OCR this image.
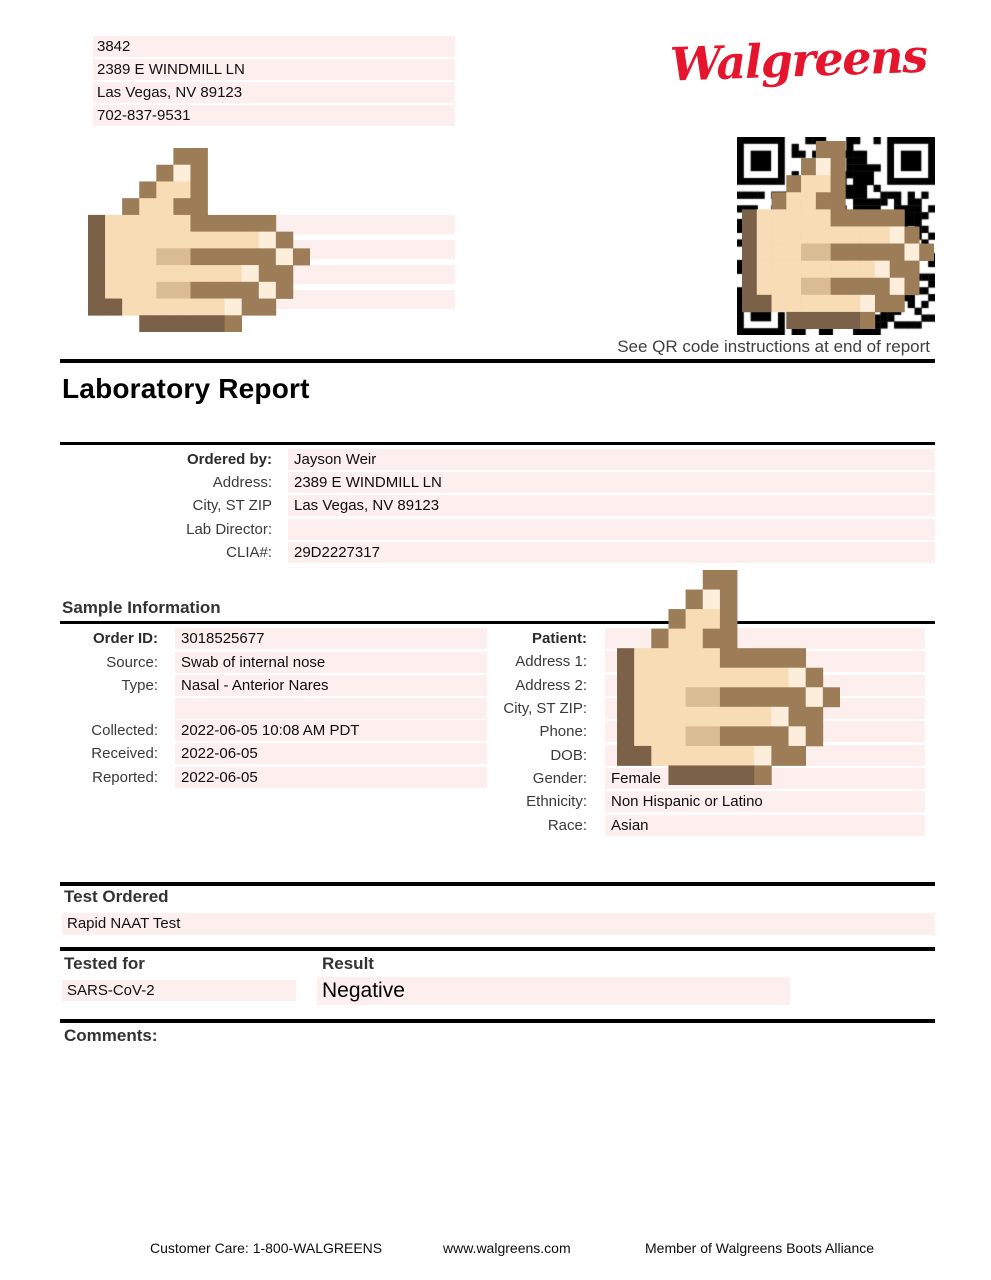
3842
2389 E WINDMILL LN
Las Vegas, NV 89123
702-837-9531
Walgreens
See QR code instructions at end of report
Laboratory Report
Ordered by:	Jayson Weir
Address:	2389 E WINDMILL LN
City, ST ZIP	Las Vegas, NV 89123
Lab Director:
CLIA#:	29D2227317
Sample Information
Order ID:	3018525677
Source:	Swab of internal nose
Type:	Nasal - Anterior Nares
Collected:	2022-06-05 10:08 AM PDT
Received:	2022-06-05
Reported:	2022-06-05
Patient:
Address 1:
Address 2:
City, ST ZIP:
Phone:
DOB:
Gender:	Female
Ethnicity:	Non Hispanic or Latino
Race:	Asian
Test Ordered
Rapid NAAT Test
Tested for	Result
SARS-CoV-2	Negative
Comments:
Customer Care: 1-800-WALGREENS	www.walgreens.com	Member of Walgreens Boots Alliance
